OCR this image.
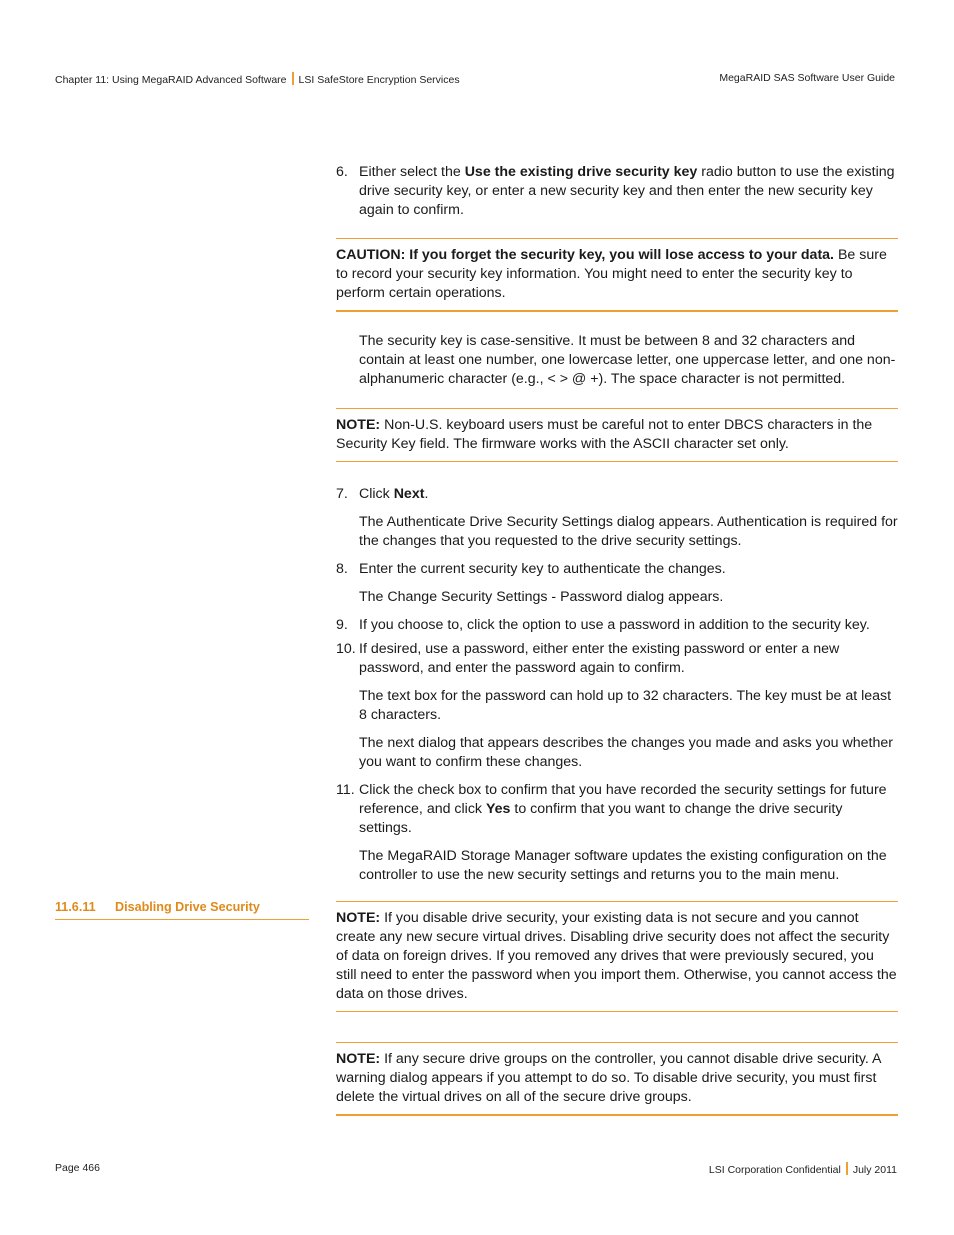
Chapter 11: Using MegaRAID Advanced Software LSI SafeStore Encryption Services	MegaRAID SAS Software User Guide
11.6.11 Disabling Drive Security

6. Either select the Use the existing drive security key radio button to use the existing drive security key, or enter a new security key and then enter the new security key again to confirm.

CAUTION: If you forget the security key, you will lose access to your data. Be sure to record your security key information. You might need to enter the security key to perform certain operations.

The security key is case-sensitive. It must be between 8 and 32 characters and contain at least one number, one lowercase letter, one uppercase letter, and one non-alphanumeric character (e.g., < > @ +). The space character is not permitted.

NOTE: Non-U.S. keyboard users must be careful not to enter DBCS characters in the Security Key field. The firmware works with the ASCII character set only.

7. Click Next.

The Authenticate Drive Security Settings dialog appears. Authentication is required for the changes that you requested to the drive security settings.

8. Enter the current security key to authenticate the changes.

The Change Security Settings - Password dialog appears.

9. If you choose to, click the option to use a password in addition to the security key.

10. If desired, use a password, either enter the existing password or enter a new password, and enter the password again to confirm.

The text box for the password can hold up to 32 characters. The key must be at least 8 characters.

The next dialog that appears describes the changes you made and asks you whether you want to confirm these changes.

11. Click the check box to confirm that you have recorded the security settings for future reference, and click Yes to confirm that you want to change the drive security settings.

The MegaRAID Storage Manager software updates the existing configuration on the controller to use the new security settings and returns you to the main menu.

NOTE: If you disable drive security, your existing data is not secure and you cannot create any new secure virtual drives. Disabling drive security does not affect the security of data on foreign drives. If you removed any drives that were previously secured, you still need to enter the password when you import them. Otherwise, you cannot access the data on those drives.

NOTE: If any secure drive groups on the controller, you cannot disable drive security. A warning dialog appears if you attempt to do so. To disable drive security, you must first delete the virtual drives on all of the secure drive groups.

Page 466	LSI Corporation Confidential July 2011
